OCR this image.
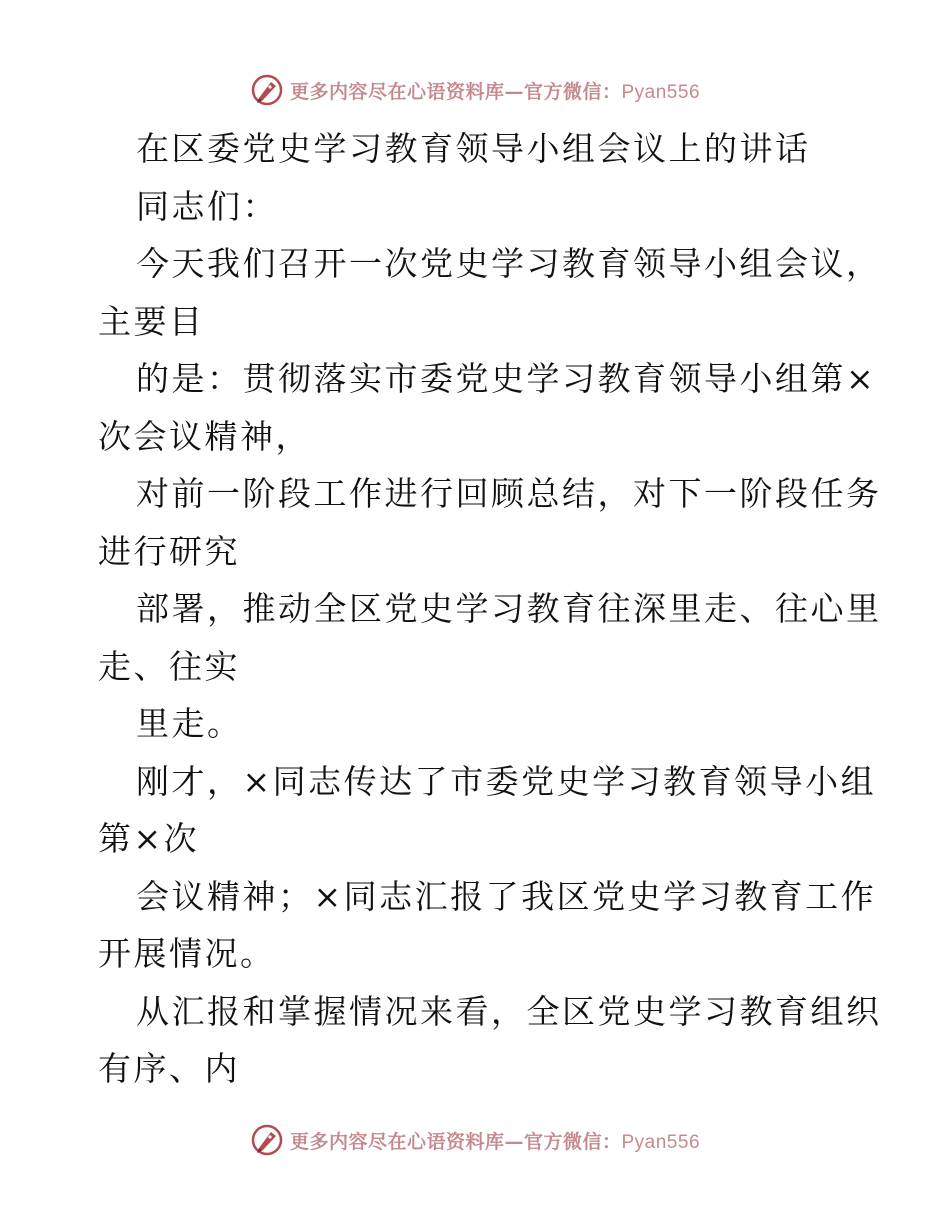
更多内容尽在心语资料库—官方微信：Pyan556

在区委党史学习教育领导小组会议上的讲话

同志们：

今天我们召开一次党史学习教育领导小组会议，

主要目

的是：贯彻落实市委党史学习教育领导小组第×

次会议精神，

对前一阶段工作进行回顾总结，对下一阶段任务

进行研究

部署，推动全区党史学习教育往深里走、往心里

走、往实

里走。

刚才，×同志传达了市委党史学习教育领导小组

第×次

会议精神；×同志汇报了我区党史学习教育工作

开展情况。

从汇报和掌握情况来看，全区党史学习教育组织

有序、内

更多内容尽在心语资料库—官方微信：Pyan556
